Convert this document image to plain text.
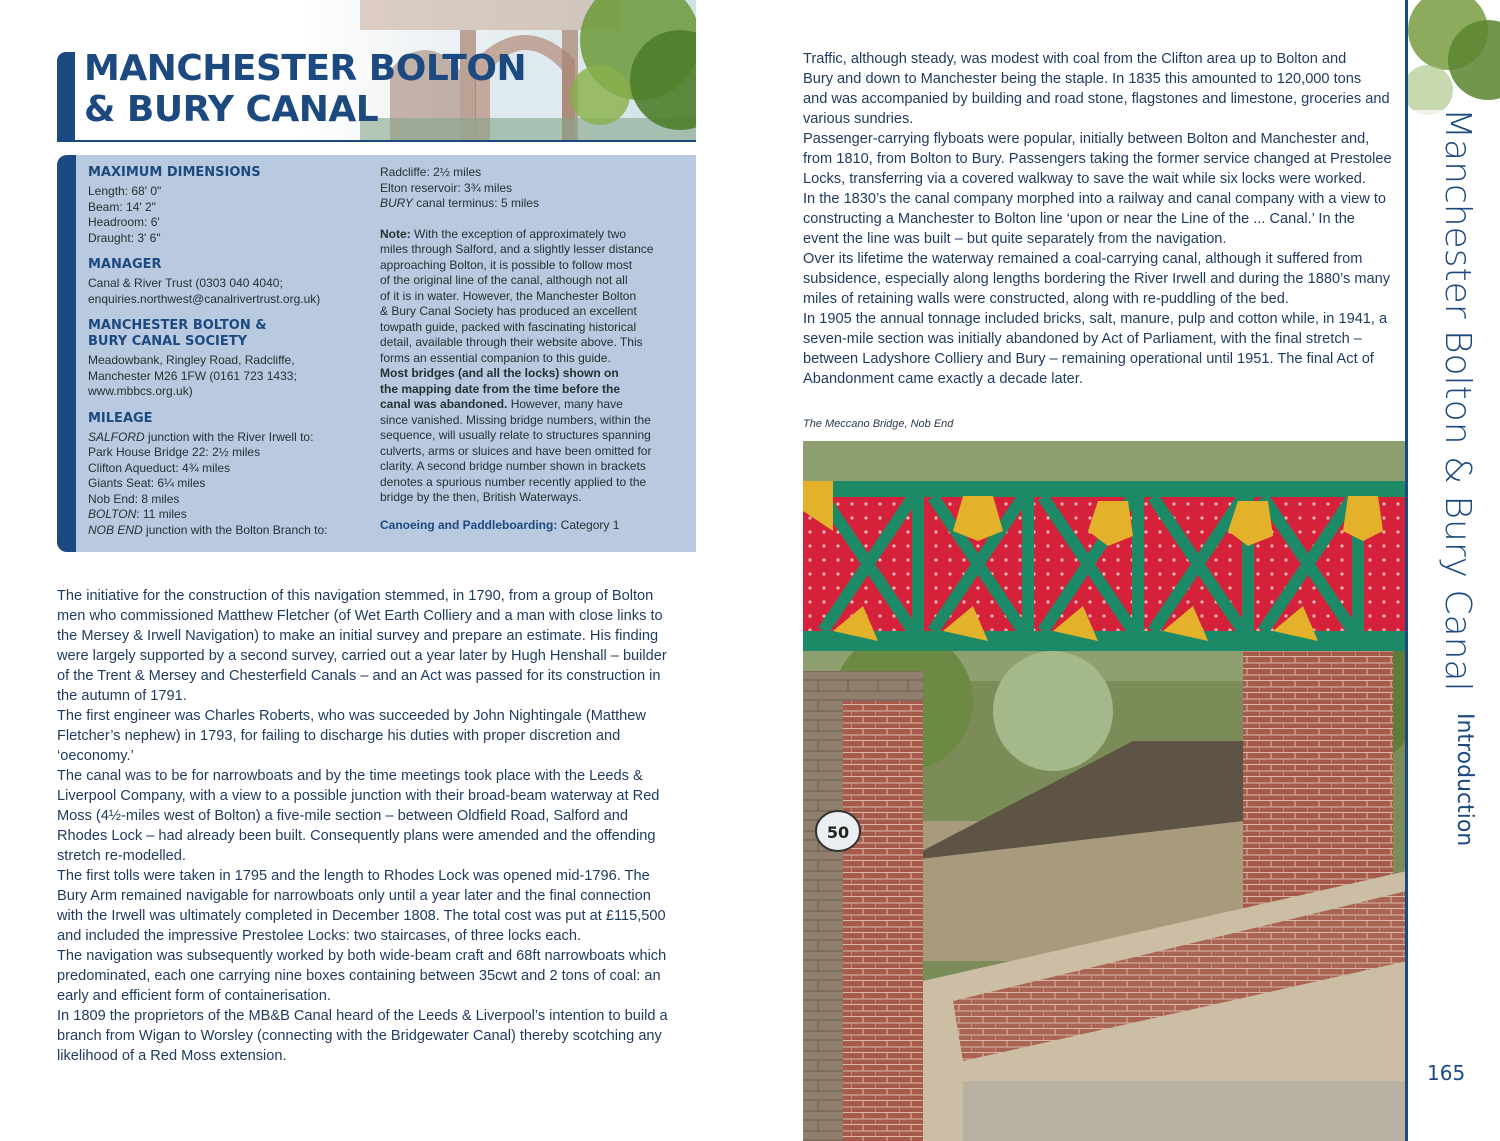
MANCHESTER BOLTON
& BURY CANAL
MAXIMUM DIMENSIONS
Length: 68' 0"
Beam: 14' 2"
Headroom: 6'
Draught: 3' 6"
MANAGER
Canal & River Trust (0303 040 4040;
enquiries.northwest@canalrivertrust.org.uk)
MANCHESTER BOLTON &
BURY CANAL SOCIETY
Meadowbank, Ringley Road, Radcliffe,
Manchester M26 1FW (0161 723 1433;
www.mbbcs.org.uk)
MILEAGE
SALFORD junction with the River Irwell to:
Park House Bridge 22: 2½ miles
Clifton Aqueduct: 4¾ miles
Giants Seat: 6¼ miles
Nob End: 8 miles
BOLTON: 11 miles
NOB END junction with the Bolton Branch to:
Radcliffe: 2½ miles
Elton reservoir: 3¾ miles
BURY canal terminus: 5 miles
Note: With the exception of approximately two
miles through Salford, and a slightly lesser distance
approaching Bolton, it is possible to follow most
of the original line of the canal, although not all
of it is in water. However, the Manchester Bolton
& Bury Canal Society has produced an excellent
towpath guide, packed with fascinating historical
detail, available through their website above. This
forms an essential companion to this guide.
Most bridges (and all the locks) shown on
the mapping date from the time before the
canal was abandoned. However, many have
since vanished. Missing bridge numbers, within the
sequence, will usually relate to structures spanning
culverts, arms or sluices and have been omitted for
clarity. A second bridge number shown in brackets
denotes a spurious number recently applied to the
bridge by the then, British Waterways.
Canoeing and Paddleboarding: Category 1

The initiative for the construction of this navigation stemmed, in 1790, from a group of Bolton
men who commissioned Matthew Fletcher (of Wet Earth Colliery and a man with close links to
the Mersey & Irwell Navigation) to make an initial survey and prepare an estimate. His finding
were largely supported by a second survey, carried out a year later by Hugh Henshall – builder
of the Trent & Mersey and Chesterfield Canals – and an Act was passed for its construction in
the autumn of 1791.

The first engineer was Charles Roberts, who was succeeded by John Nightingale (Matthew
Fletcher’s nephew) in 1793, for failing to discharge his duties with proper discretion and
‘oeconomy.’

The canal was to be for narrowboats and by the time meetings took place with the Leeds &
Liverpool Company, with a view to a possible junction with their broad-beam waterway at Red
Moss (4½-miles west of Bolton) a five-mile section – between Oldfield Road, Salford and
Rhodes Lock – had already been built. Consequently plans were amended and the offending
stretch re-modelled.

The first tolls were taken in 1795 and the length to Rhodes Lock was opened mid-1796. The
Bury Arm remained navigable for narrowboats only until a year later and the final connection
with the Irwell was ultimately completed in December 1808. The total cost was put at £115,500
and included the impressive Prestolee Locks: two staircases, of three locks each.

The navigation was subsequently worked by both wide-beam craft and 68ft narrowboats which
predominated, each one carrying nine boxes containing between 35cwt and 2 tons of coal: an
early and efficient form of containerisation.

In 1809 the proprietors of the MB&B Canal heard of the Leeds & Liverpool’s intention to build a
branch from Wigan to Worsley (connecting with the Bridgewater Canal) thereby scotching any
likelihood of a Red Moss extension.

Traffic, although steady, was modest with coal from the Clifton area up to Bolton and
Bury and down to Manchester being the staple. In 1835 this amounted to 120,000 tons
and was accompanied by building and road stone, flagstones and limestone, groceries and
various sundries.

Passenger-carrying flyboats were popular, initially between Bolton and Manchester and,
from 1810, from Bolton to Bury. Passengers taking the former service changed at Prestolee
Locks, transferring via a covered walkway to save the wait while six locks were worked.

In the 1830’s the canal company morphed into a railway and canal company with a view to
constructing a Manchester to Bolton line ‘upon or near the Line of the ... Canal.’ In the
event the line was built – but quite separately from the navigation.

Over its lifetime the waterway remained a coal-carrying canal, although it suffered from
subsidence, especially along lengths bordering the River Irwell and during the 1880’s many
miles of retaining walls were constructed, along with re-puddling of the bed.

In 1905 the annual tonnage included bricks, salt, manure, pulp and cotton while, in 1941, a
seven-mile section was initially abandoned by Act of Parliament, with the final stretch –
between Ladyshore Colliery and Bury – remaining operational until 1951. The final Act of
Abandonment came exactly a decade later.

The Meccano Bridge, Nob End
50
Manchester Bolton & Bury Canal
Introduction
165
